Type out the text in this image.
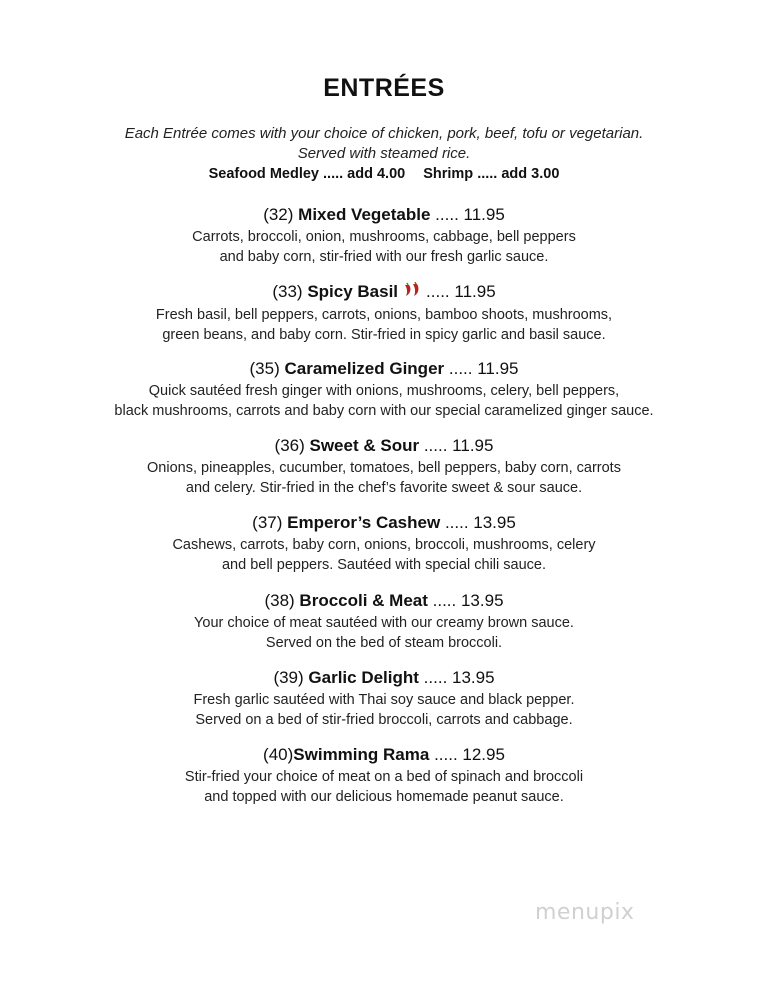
ENTRÉES
Each Entrée comes with your choice of chicken, pork, beef, tofu or vegetarian.
Served with steamed rice.
Seafood Medley ..... add 4.00 Shrimp ..... add 3.00
(32) Mixed Vegetable ..... 11.95
Carrots, broccoli, onion, mushrooms, cabbage, bell peppers
and baby corn, stir-fried with our fresh garlic sauce.
(33) Spicy Basil ..... 11.95
Fresh basil, bell peppers, carrots, onions, bamboo shoots, mushrooms,
green beans, and baby corn. Stir-fried in spicy garlic and basil sauce.
(35) Caramelized Ginger ..... 11.95
Quick sautéed fresh ginger with onions, mushrooms, celery, bell peppers,
black mushrooms, carrots and baby corn with our special caramelized ginger sauce.
(36) Sweet & Sour ..... 11.95
Onions, pineapples, cucumber, tomatoes, bell peppers, baby corn, carrots
and celery. Stir-fried in the chef’s favorite sweet & sour sauce.
(37) Emperor’s Cashew ..... 13.95
Cashews, carrots, baby corn, onions, broccoli, mushrooms, celery
and bell peppers. Sautéed with special chili sauce.
(38) Broccoli & Meat ..... 13.95
Your choice of meat sautéed with our creamy brown sauce.
Served on the bed of steam broccoli.
(39) Garlic Delight ..... 13.95
Fresh garlic sautéed with Thai soy sauce and black pepper.
Served on a bed of stir-fried broccoli, carrots and cabbage.
(40)Swimming Rama ..... 12.95
Stir-fried your choice of meat on a bed of spinach and broccoli
and topped with our delicious homemade peanut sauce.
menupix
